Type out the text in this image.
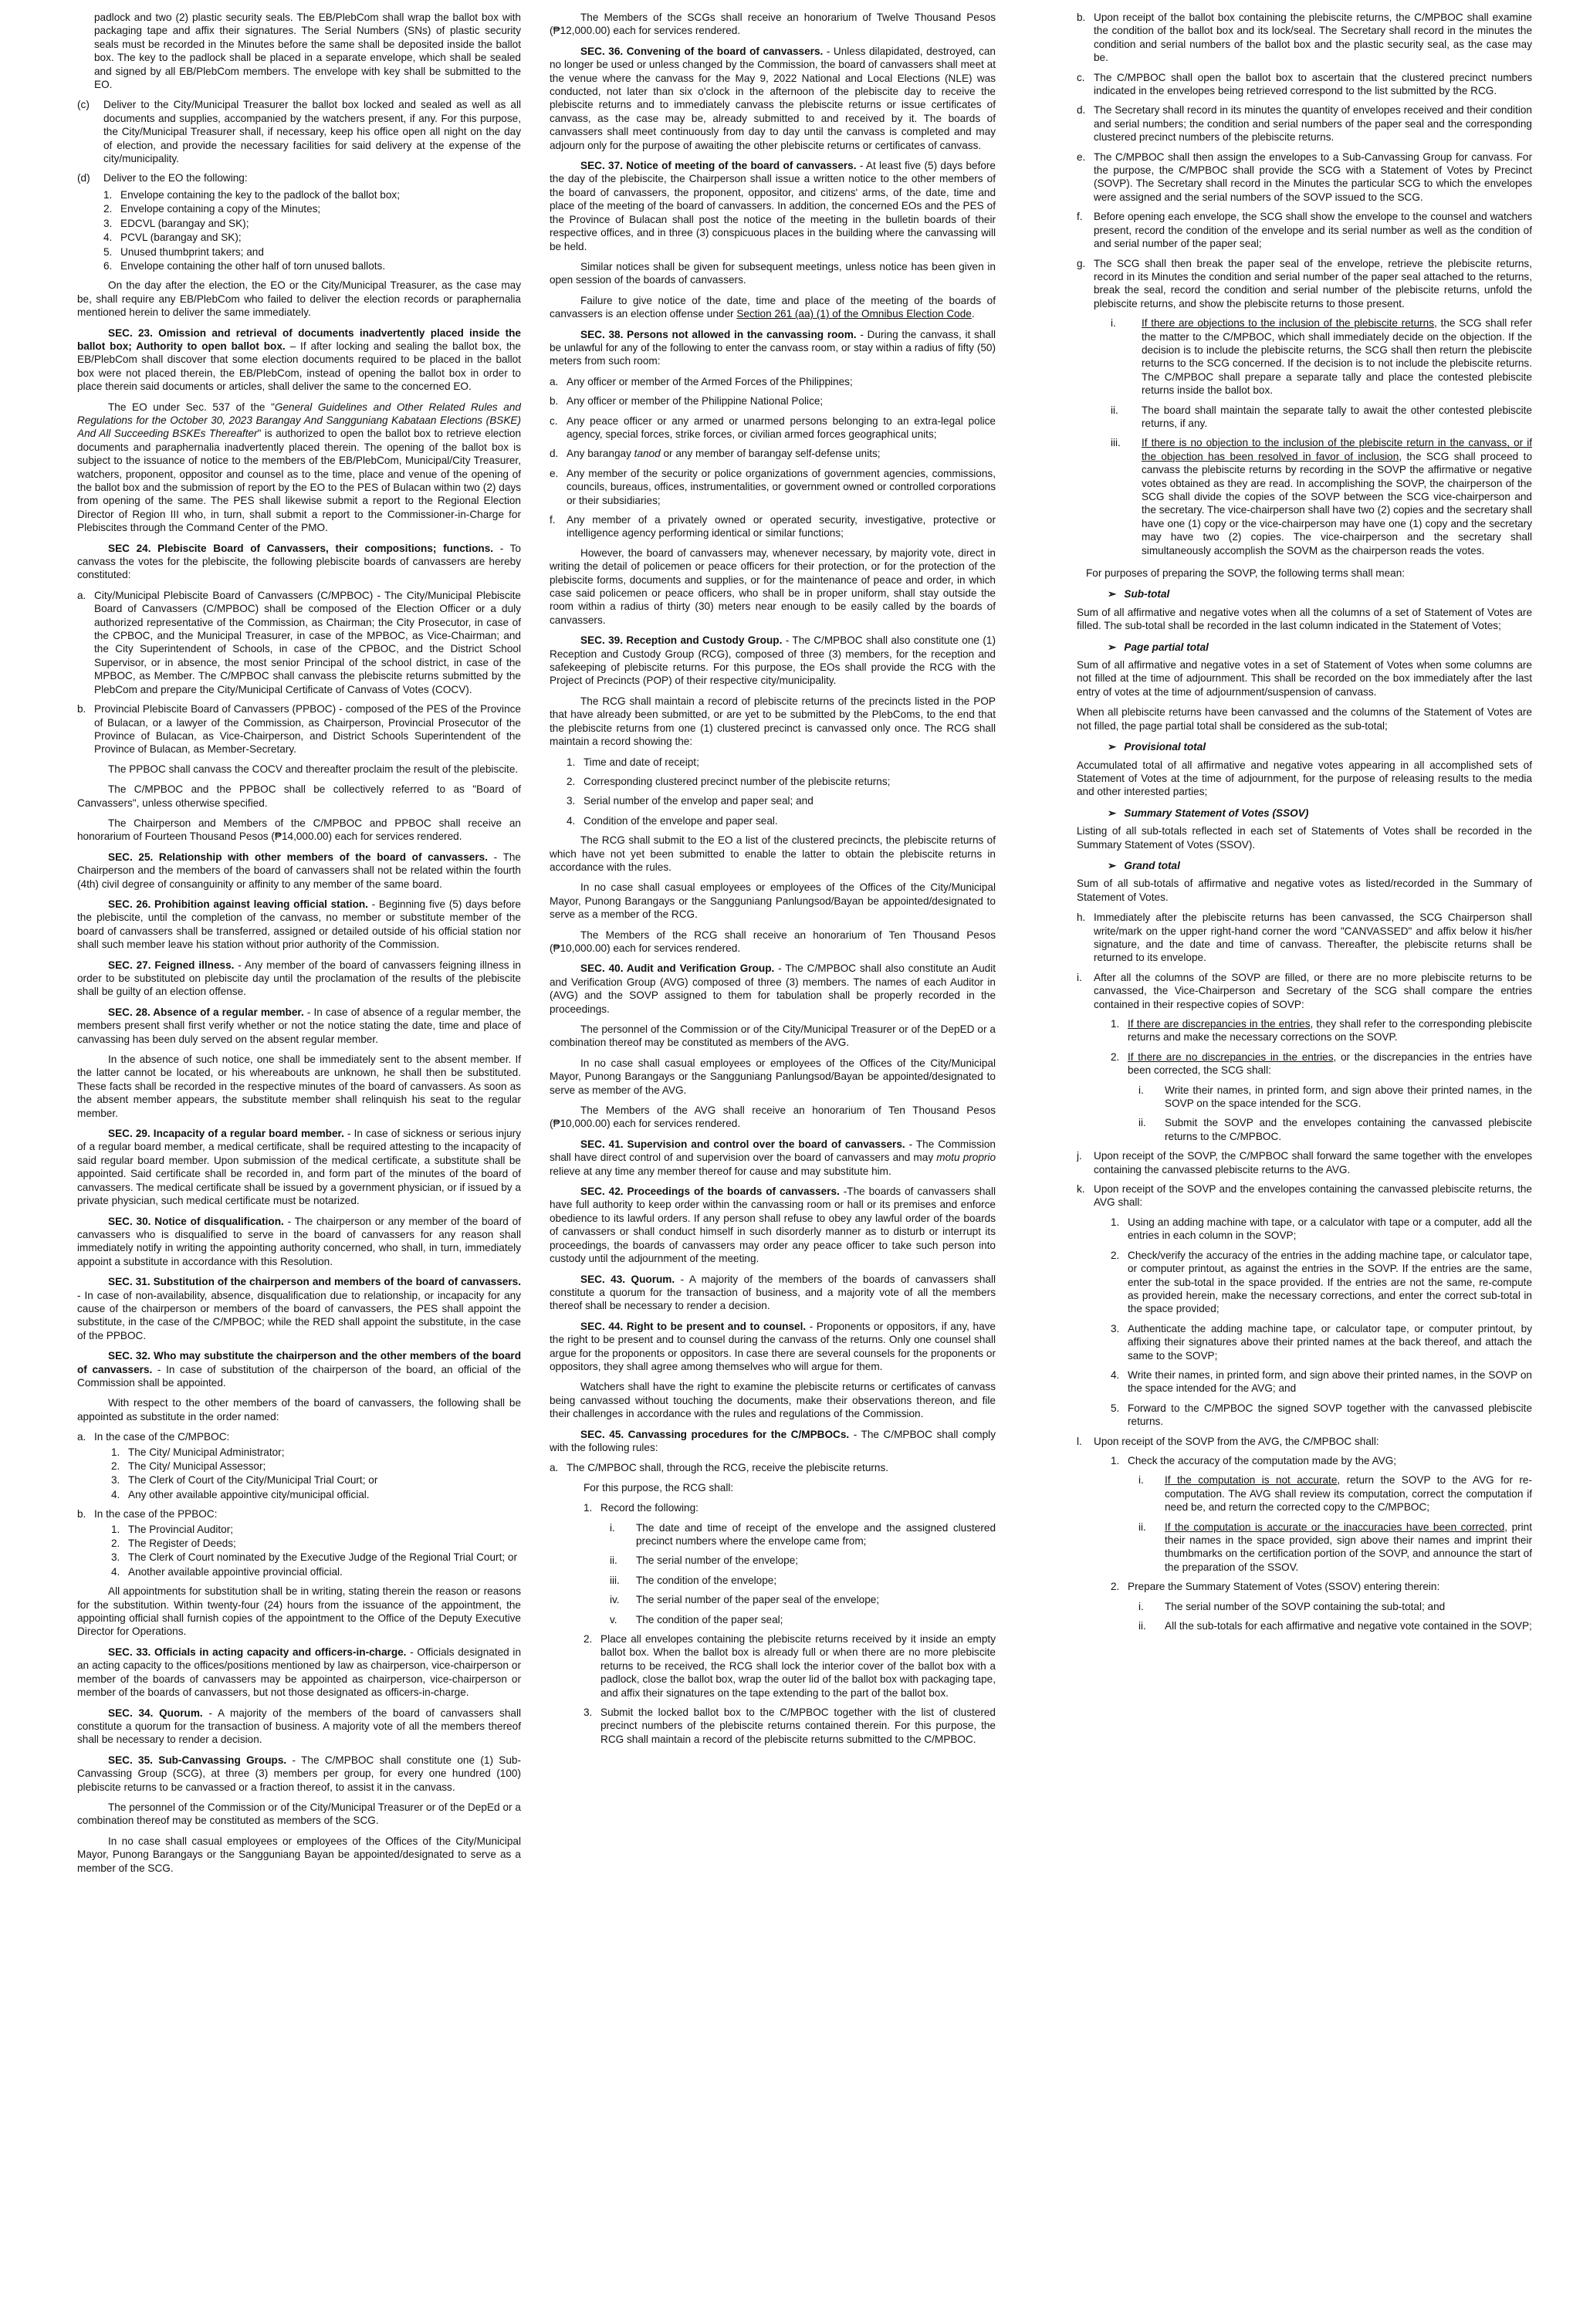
padlock and two (2) plastic security seals. The EB/PlebCom shall wrap the ballot box with packaging tape and affix their signatures. The Serial Numbers (SNs) of plastic security seals must be recorded in the Minutes before the same shall be deposited inside the ballot box. The key to the padlock shall be placed in a separate envelope, which shall be sealed and signed by all EB/PlebCom members. The envelope with key shall be submitted to the EO.

(c)	Deliver to the City/Municipal Treasurer the ballot box locked and sealed as well as all documents and supplies, accompanied by the watchers present, if any. For this purpose, the City/Municipal Treasurer shall, if necessary, keep his office open all night on the day of election, and provide the necessary facilities for said delivery at the expense of the city/municipality.
(d)	Deliver to the EO the following:
1. Envelope containing the key to the padlock of the ballot box;
2. Envelope containing a copy of the Minutes;
3. EDCVL (barangay and SK);
4. PCVL (barangay and SK);
5. Unused thumbprint takers; and
6. Envelope containing the other half of torn unused ballots.

On the day after the election, the EO or the City/Municipal Treasurer, as the case may be, shall require any EB/PlebCom who failed to deliver the election records or paraphernalia mentioned herein to deliver the same immediately.

SEC. 23. Omission and retrieval of documents inadvertently placed inside the ballot box; Authority to open ballot box. – If after locking and sealing the ballot box, the EB/PlebCom shall discover that some election documents required to be placed in the ballot box were not placed therein, the EB/PlebCom, instead of opening the ballot box in order to place therein said documents or articles, shall deliver the same to the concerned EO.

The EO under Sec. 537 of the "General Guidelines and Other Related Rules and Regulations for the October 30, 2023 Barangay And Sangguniang Kabataan Elections (BSKE) And All Succeeding BSKEs Thereafter" is authorized to open the ballot box to retrieve election documents and paraphernalia inadvertently placed therein. The opening of the ballot box is subject to the issuance of notice to the members of the EB/PlebCom, Municipal/City Treasurer, watchers, proponent, oppositor and counsel as to the time, place and venue of the opening of the ballot box and the submission of report by the EO to the PES of Bulacan within two (2) days from opening of the same. The PES shall likewise submit a report to the Regional Election Director of Region III who, in turn, shall submit a report to the Commissioner-in-Charge for Plebiscites through the Command Center of the PMO.

SEC 24. Plebiscite Board of Canvassers, their compositions; functions. - To canvass the votes for the plebiscite, the following plebiscite boards of canvassers are hereby constituted:

a. City/Municipal Plebiscite Board of Canvassers (C/MPBOC) - The City/Municipal Plebiscite Board of Canvassers (C/MPBOC) shall be composed of the Election Officer or a duly authorized representative of the Commission, as Chairman; the City Prosecutor, in case of the CPBOC, and the Municipal Treasurer, in case of the MPBOC, as Vice-Chairman; and the City Superintendent of Schools, in case of the CPBOC, and the District School Supervisor, or in absence, the most senior Principal of the school district, in case of the MPBOC, as Member. The C/MPBOC shall canvass the plebiscite returns submitted by the PlebCom and prepare the City/Municipal Certificate of Canvass of Votes (COCV).
b. Provincial Plebiscite Board of Canvassers (PPBOC) - composed of the PES of the Province of Bulacan, or a lawyer of the Commission, as Chairperson, Provincial Prosecutor of the Province of Bulacan, as Vice-Chairperson, and District Schools Superintendent of the Province of Bulacan, as Member-Secretary.

The PPBOC shall canvass the COCV and thereafter proclaim the result of the plebiscite.

The C/MPBOC and the PPBOC shall be collectively referred to as "Board of Canvassers", unless otherwise specified.

The Chairperson and Members of the C/MPBOC and PPBOC shall receive an honorarium of Fourteen Thousand Pesos (₱14,000.00) each for services rendered.

SEC. 25. Relationship with other members of the board of canvassers. - The Chairperson and the members of the board of canvassers shall not be related within the fourth (4th) civil degree of consanguinity or affinity to any member of the same board.

SEC. 26. Prohibition against leaving official station. - Beginning five (5) days before the plebiscite, until the completion of the canvass, no member or substitute member of the board of canvassers shall be transferred, assigned or detailed outside of his official station nor shall such member leave his station without prior authority of the Commission.

SEC. 27. Feigned illness. - Any member of the board of canvassers feigning illness in order to be substituted on plebiscite day until the proclamation of the results of the plebiscite shall be guilty of an election offense.

SEC. 28. Absence of a regular member. - In case of absence of a regular member, the members present shall first verify whether or not the notice stating the date, time and place of canvassing has been duly served on the absent regular member.

In the absence of such notice, one shall be immediately sent to the absent member. If the latter cannot be located, or his whereabouts are unknown, he shall then be substituted. These facts shall be recorded in the respective minutes of the board of canvassers. As soon as the absent member appears, the substitute member shall relinquish his seat to the regular member.

SEC. 29. Incapacity of a regular board member. - In case of sickness or serious injury of a regular board member, a medical certificate, shall be required attesting to the incapacity of said regular board member. Upon submission of the medical certificate, a substitute shall be appointed. Said certificate shall be recorded in, and form part of the minutes of the board of canvassers. The medical certificate shall be issued by a government physician, or if issued by a private physician, such medical certificate must be notarized.

SEC. 30. Notice of disqualification. - The chairperson or any member of the board of canvassers who is disqualified to serve in the board of canvassers for any reason shall immediately notify in writing the appointing authority concerned, who shall, in turn, immediately appoint a substitute in accordance with this Resolution.

SEC. 31. Substitution of the chairperson and members of the board of canvassers. - In case of non-availability, absence, disqualification due to relationship, or incapacity for any cause of the chairperson or members of the board of canvassers, the PES shall appoint the substitute, in the case of the C/MPBOC; while the RED shall appoint the substitute, in the case of the PPBOC.

SEC. 32. Who may substitute the chairperson and the other members of the board of canvassers. - In case of substitution of the chairperson of the board, an official of the Commission shall be appointed.

With respect to the other members of the board of canvassers, the following shall be appointed as substitute in the order named:

a. In the case of the C/MPBOC:
1. The City/ Municipal Administrator;
2. The City/ Municipal Assessor;
3. The Clerk of Court of the City/Municipal Trial Court; or
4. Any other available appointive city/municipal official.
b. In the case of the PPBOC:
1. The Provincial Auditor;
2. The Register of Deeds;
3. The Clerk of Court nominated by the Executive Judge of the Regional Trial Court; or
4. Another available appointive provincial official.

All appointments for substitution shall be in writing, stating therein the reason or reasons for the substitution. Within twenty-four (24) hours from the issuance of the appointment, the appointing official shall furnish copies of the appointment to the Office of the Deputy Executive Director for Operations.

SEC. 33. Officials in acting capacity and officers-in-charge. - Officials designated in an acting capacity to the offices/positions mentioned by law as chairperson, vice-chairperson or member of the boards of canvassers may be appointed as chairperson, vice-chairperson or member of the boards of canvassers, but not those designated as officers-in-charge.

SEC. 34. Quorum. - A majority of the members of the board of canvassers shall constitute a quorum for the transaction of business. A majority vote of all the members thereof shall be necessary to render a decision.

SEC. 35. Sub-Canvassing Groups. - The C/MPBOC shall constitute one (1) Sub-Canvassing Group (SCG), at three (3) members per group, for every one hundred (100) plebiscite returns to be canvassed or a fraction thereof, to assist it in the canvass.

The personnel of the Commission or of the City/Municipal Treasurer or of the DepEd or a combination thereof may be constituted as members of the SCG.

In no case shall casual employees or employees of the Offices of the City/Municipal Mayor, Punong Barangays or the Sangguniang Bayan be appointed/designated to serve as a member of the SCG.

The Members of the SCGs shall receive an honorarium of Twelve Thousand Pesos (₱12,000.00) each for services rendered.

SEC. 36. Convening of the board of canvassers. - Unless dilapidated, destroyed, can no longer be used or unless changed by the Commission, the board of canvassers shall meet at the venue where the canvass for the May 9, 2022 National and Local Elections (NLE) was conducted, not later than six o'clock in the afternoon of the plebiscite day to receive the plebiscite returns and to immediately canvass the plebiscite returns or issue certificates of canvass, as the case may be, already submitted to and received by it. The boards of canvassers shall meet continuously from day to day until the canvass is completed and may adjourn only for the purpose of awaiting the other plebiscite returns or certificates of canvass.

SEC. 37. Notice of meeting of the board of canvassers. - At least five (5) days before the day of the plebiscite, the Chairperson shall issue a written notice to the other members of the board of canvassers, the proponent, oppositor, and citizens' arms, of the date, time and place of the meeting of the board of canvassers. In addition, the concerned EOs and the PES of the Province of Bulacan shall post the notice of the meeting in the bulletin boards of their respective offices, and in three (3) conspicuous places in the building where the canvassing will be held.

Similar notices shall be given for subsequent meetings, unless notice has been given in open session of the boards of canvassers.

Failure to give notice of the date, time and place of the meeting of the boards of canvassers is an election offense under Section 261 (aa) (1) of the Omnibus Election Code.

SEC. 38. Persons not allowed in the canvassing room. - During the canvass, it shall be unlawful for any of the following to enter the canvass room, or stay within a radius of fifty (50) meters from such room:

a. Any officer or member of the Armed Forces of the Philippines;
b. Any officer or member of the Philippine National Police;
c. Any peace officer or any armed or unarmed persons belonging to an extra-legal police agency, special forces, strike forces, or civilian armed forces geographical units;
d. Any barangay tanod or any member of barangay self-defense units;
e. Any member of the security or police organizations of government agencies, commissions, councils, bureaus, offices, instrumentalities, or government owned or controlled corporations or their subsidiaries;
f.	Any member of a privately owned or operated security, investigative, protective or intelligence agency performing identical or similar functions;

However, the board of canvassers may, whenever necessary, by majority vote, direct in writing the detail of policemen or peace officers for their protection, or for the protection of the plebiscite forms, documents and supplies, or for the maintenance of peace and order, in which case said policemen or peace officers, who shall be in proper uniform, shall stay outside the room within a radius of thirty (30) meters near enough to be easily called by the boards of canvassers.

SEC. 39. Reception and Custody Group. - The C/MPBOC shall also constitute one (1) Reception and Custody Group (RCG), composed of three (3) members, for the reception and safekeeping of plebiscite returns. For this purpose, the EOs shall provide the RCG with the Project of Precincts (POP) of their respective city/municipality.

The RCG shall maintain a record of plebiscite returns of the precincts listed in the POP that have already been submitted, or are yet to be submitted by the PlebComs, to the end that the plebiscite returns from one (1) clustered precinct is canvassed only once. The RCG shall maintain a record showing the:

1. Time and date of receipt;
2. Corresponding clustered precinct number of the plebiscite returns;
3. Serial number of the envelop and paper seal; and
4. Condition of the envelope and paper seal.

The RCG shall submit to the EO a list of the clustered precincts, the plebiscite returns of which have not yet been submitted to enable the latter to obtain the plebiscite returns in accordance with the rules.

In no case shall casual employees or employees of the Offices of the City/Municipal Mayor, Punong Barangays or the Sangguniang Panlungsod/Bayan be appointed/designated to serve as a member of the RCG.

The Members of the RCG shall receive an honorarium of Ten Thousand Pesos (₱10,000.00) each for services rendered.

SEC. 40. Audit and Verification Group. - The C/MPBOC shall also constitute an Audit and Verification Group (AVG) composed of three (3) members. The names of each Auditor in (AVG) and the SOVP assigned to them for tabulation shall be properly recorded in the proceedings.

The personnel of the Commission or of the City/Municipal Treasurer or of the DepED or a combination thereof may be constituted as members of the AVG.

In no case shall casual employees or employees of the Offices of the City/Municipal Mayor, Punong Barangays or the Sangguniang Panlungsod/Bayan be appointed/designated to serve as member of the AVG.

The Members of the AVG shall receive an honorarium of Ten Thousand Pesos (₱10,000.00) each for services rendered.

SEC. 41. Supervision and control over the board of canvassers. - The Commission shall have direct control of and supervision over the board of canvassers and may motu proprio relieve at any time any member thereof for cause and may substitute him.

SEC. 42. Proceedings of the boards of canvassers. -The boards of canvassers shall have full authority to keep order within the canvassing room or hall or its premises and enforce obedience to its lawful orders. If any person shall refuse to obey any lawful order of the boards of canvassers or shall conduct himself in such disorderly manner as to disturb or interrupt its proceedings, the boards of canvassers may order any peace officer to take such person into custody until the adjournment of the meeting.

SEC. 43. Quorum. - A majority of the members of the boards of canvassers shall constitute a quorum for the transaction of business, and a majority vote of all the members thereof shall be necessary to render a decision.

SEC. 44. Right to be present and to counsel. - Proponents or oppositors, if any, have the right to be present and to counsel during the canvass of the returns. Only one counsel shall argue for the proponents or oppositors. In case there are several counsels for the proponents or oppositors, they shall agree among themselves who will argue for them.

Watchers shall have the right to examine the plebiscite returns or certificates of canvass being canvassed without touching the documents, make their observations thereon, and file their challenges in accordance with the rules and regulations of the Commission.

SEC. 45. Canvassing procedures for the C/MPBOCs. - The C/MPBOC shall comply with the following rules:

a. The C/MPBOC shall, through the RCG, receive the plebiscite returns.

For this purpose, the RCG shall:

1. Record the following:
i.	The date and time of receipt of the envelope and the assigned clustered precinct numbers where the envelope came from;
ii.	The serial number of the envelope;
iii.	The condition of the envelope;
iv.	The serial number of the paper seal of the envelope;
v.	The condition of the paper seal;
2. Place all envelopes containing the plebiscite returns received by it inside an empty ballot box. When the ballot box is already full or when there are no more plebiscite returns to be received, the RCG shall lock the interior cover of the ballot box with a padlock, close the ballot box, wrap the outer lid of the ballot box with packaging tape, and affix their signatures on the tape extending to the part of the ballot box.
3. Submit the locked ballot box to the C/MPBOC together with the list of clustered precinct numbers of the plebiscite returns contained therein. For this purpose, the RCG shall maintain a record of the plebiscite returns submitted to the C/MPBOC.
b. Upon receipt of the ballot box containing the plebiscite returns, the C/MPBOC shall examine the condition of the ballot box and its lock/seal. The Secretary shall record in the minutes the condition and serial numbers of the ballot box and the plastic security seal, as the case may be.
c. The C/MPBOC shall open the ballot box to ascertain that the clustered precinct numbers indicated in the envelopes being retrieved correspond to the list submitted by the RCG.
d. The Secretary shall record in its minutes the quantity of envelopes received and their condition and serial numbers; the condition and serial numbers of the paper seal and the corresponding clustered precinct numbers of the plebiscite returns.
e. The C/MPBOC shall then assign the envelopes to a Sub-Canvassing Group for canvass. For the purpose, the C/MPBOC shall provide the SCG with a Statement of Votes by Precinct (SOVP). The Secretary shall record in the Minutes the particular SCG to which the envelopes were assigned and the serial numbers of the SOVP issued to the SCG.
f.	Before opening each envelope, the SCG shall show the envelope to the counsel and watchers present, record the condition of the envelope and its serial number as well as the condition of and serial number of the paper seal;
g. The SCG shall then break the paper seal of the envelope, retrieve the plebiscite returns, record in its Minutes the condition and serial number of the paper seal attached to the returns, break the seal, record the condition and serial number of the plebiscite returns, unfold the plebiscite returns, and show the plebiscite returns to those present.
i.	If there are objections to the inclusion of the plebiscite returns, the SCG shall refer the matter to the C/MPBOC, which shall immediately decide on the objection. If the decision is to include the plebiscite returns, the SCG shall then return the plebiscite returns to the SCG concerned. If the decision is to not include the plebiscite returns. The C/MPBOC shall prepare a separate tally and place the contested plebiscite returns inside the ballot box.
ii.	The board shall maintain the separate tally to await the other contested plebiscite returns, if any.
iii.	If there is no objection to the inclusion of the plebiscite return in the canvass, or if the objection has been resolved in favor of inclusion, the SCG shall proceed to canvass the plebiscite returns by recording in the SOVP the affirmative or negative votes obtained as they are read. In accomplishing the SOVP, the chairperson of the SCG shall divide the copies of the SOVP between the SCG vice-chairperson and the secretary. The vice-chairperson shall have two (2) copies and the secretary shall have one (1) copy or the vice-chairperson may have one (1) copy and the secretary may have two (2) copies. The vice-chairperson and the secretary shall simultaneously accomplish the SOVM as the chairperson reads the votes.

For purposes of preparing the SOVP, the following terms shall mean:

➢ Sub-total

Sum of all affirmative and negative votes when all the columns of a set of Statement of Votes are filled. The sub-total shall be recorded in the last column indicated in the Statement of Votes;

➢ Page partial total

Sum of all affirmative and negative votes in a set of Statement of Votes when some columns are not filled at the time of adjournment. This shall be recorded on the box immediately after the last entry of votes at the time of adjournment/suspension of canvass.

When all plebiscite returns have been canvassed and the columns of the Statement of Votes are not filled, the page partial total shall be considered as the sub-total;

➢ Provisional total

Accumulated total of all affirmative and negative votes appearing in all accomplished sets of Statement of Votes at the time of adjournment, for the purpose of releasing results to the media and other interested parties;

➢ Summary Statement of Votes (SSOV)

Listing of all sub-totals reflected in each set of Statements of Votes shall be recorded in the Summary Statement of Votes (SSOV).

➢ Grand total

Sum of all sub-totals of affirmative and negative votes as listed/recorded in the Summary of Statement of Votes.

h. Immediately after the plebiscite returns has been canvassed, the SCG Chairperson shall write/mark on the upper right-hand corner the word "CANVASSED" and affix below it his/her signature, and the date and time of canvass. Thereafter, the plebiscite returns shall be returned to its envelope.
i.	After all the columns of the SOVP are filled, or there are no more plebiscite returns to be canvassed, the Vice-Chairperson and Secretary of the SCG shall compare the entries contained in their respective copies of SOVP:
1. If there are discrepancies in the entries, they shall refer to the corresponding plebiscite returns and make the necessary corrections on the SOVP.
2. If there are no discrepancies in the entries, or the discrepancies in the entries have been corrected, the SCG shall:
i.	Write their names, in printed form, and sign above their printed names, in the SOVP on the space intended for the SCG.
ii.	Submit the SOVP and the envelopes containing the canvassed plebiscite returns to the C/MPBOC.
j.	Upon receipt of the SOVP, the C/MPBOC shall forward the same together with the envelopes containing the canvassed plebiscite returns to the AVG.
k. Upon receipt of the SOVP and the envelopes containing the canvassed plebiscite returns, the AVG shall:
1. Using an adding machine with tape, or a calculator with tape or a computer, add all the entries in each column in the SOVP;
2. Check/verify the accuracy of the entries in the adding machine tape, or calculator tape, or computer printout, as against the entries in the SOVP. If the entries are the same, enter the sub-total in the space provided. If the entries are not the same, re-compute as provided herein, make the necessary corrections, and enter the correct sub-total in the space provided;
3. Authenticate the adding machine tape, or calculator tape, or computer printout, by affixing their signatures above their printed names at the back thereof, and attach the same to the SOVP;
4. Write their names, in printed form, and sign above their printed names, in the SOVP on the space intended for the AVG; and
5. Forward to the C/MPBOC the signed SOVP together with the canvassed plebiscite returns.
l.	Upon receipt of the SOVP from the AVG, the C/MPBOC shall:
1. Check the accuracy of the computation made by the AVG;
i.	If the computation is not accurate, return the SOVP to the AVG for re-computation. The AVG shall review its computation, correct the computation if need be, and return the corrected copy to the C/MPBOC;
ii.	If the computation is accurate or the inaccuracies have been corrected, print their names in the space provided, sign above their names and imprint their thumbmarks on the certification portion of the SOVP, and announce the start of the preparation of the SSOV.
2. Prepare the Summary Statement of Votes (SSOV) entering therein:
i.	The serial number of the SOVP containing the sub-total; and
ii.	All the sub-totals for each affirmative and negative vote contained in the SOVP;
